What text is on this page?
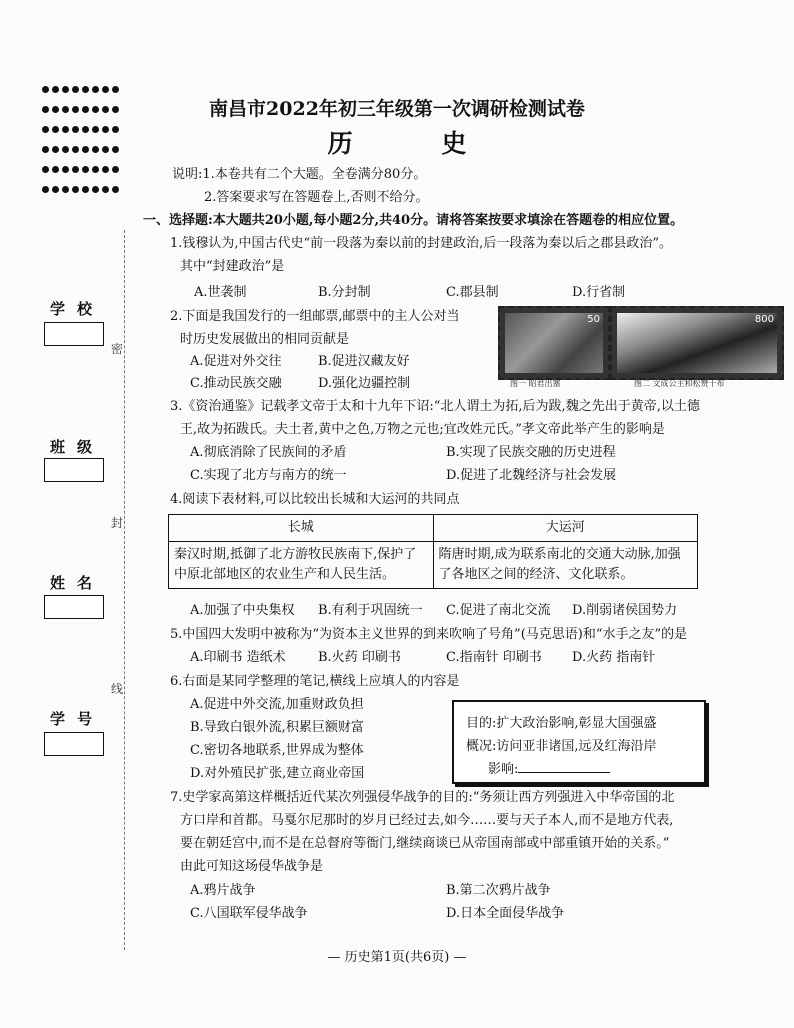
密
封
线
学校
班级
姓名
学号
南昌市2022年初三年级第一次调研检测试卷
历 史
说明:1.本卷共有二个大题。全卷满分80分。
2.答案要求写在答题卷上,否则不给分。
一、选择题:本大题共20小题,每小题2分,共40分。请将答案按要求填涂在答题卷的相应位置。
1.钱穆认为,中国古代史“前一段落为秦以前的封建政治,后一段落为秦以后之郡县政治”。
其中“封建政治”是
A.世袭制	B.分封制	C.郡县制	D.行省制
2.下面是我国发行的一组邮票,邮票中的主人公对当
时历史发展做出的相同贡献是
A.促进对外交往	B.促进汉藏友好
C.推动民族交融	D.强化边疆控制
50	800
图一 昭君出塞	图二 文成公主和松赞干布
3.《资治通鉴》记载孝文帝于太和十九年下诏:“北人谓土为拓,后为跋,魏之先出于黄帝,以土德
王,故为拓跋氏。夫土者,黄中之色,万物之元也;宜改姓元氏。”孝文帝此举产生的影响是
A.彻底消除了民族间的矛盾	B.实现了民族交融的历史进程
C.实现了北方与南方的统一	D.促进了北魏经济与社会发展
4.阅读下表材料,可以比较出长城和大运河的共同点
长城	大运河
秦汉时期,抵御了北方游牧民族南下,保护了中原北部地区的农业生产和人民生活。	隋唐时期,成为联系南北的交通大动脉,加强了各地区之间的经济、文化联系。
A.加强了中央集权 B.有利于巩固统一 C.促进了南北交流 D.削弱诸侯国势力
5.中国四大发明中被称为“为资本主义世界的到来吹响了号角”(马克思语)和“水手之友”的是
A.印刷书 造纸术 B.火药 印刷书	C.指南针 印刷书 D.火药 指南针
6.右面是某同学整理的笔记,横线上应填人的内容是
A.促进中外交流,加重财政负担
B.导致白银外流,积累巨额财富
C.密切各地联系,世界成为整体
D.对外殖民扩张,建立商业帝国
目的:扩大政治影响,彰显大国强盛
概况:访问亚非诸国,远及红海沿岸
影响:
7.史学家高第这样概括近代某次列强侵华战争的目的:“务须让西方列强进入中华帝国的北
方口岸和首都。马戛尔尼那时的岁月已经过去,如今……要与天子本人,而不是地方代表,
要在朝廷宫中,而不是在总督府等衙门,继续商谈已从帝国南部或中部重镇开始的关系。”
由此可知这场侵华战争是
A.鸦片战争	B.第二次鸦片战争
C.八国联军侵华战争	D.日本全面侵华战争
— 历史第1页(共6页) —
